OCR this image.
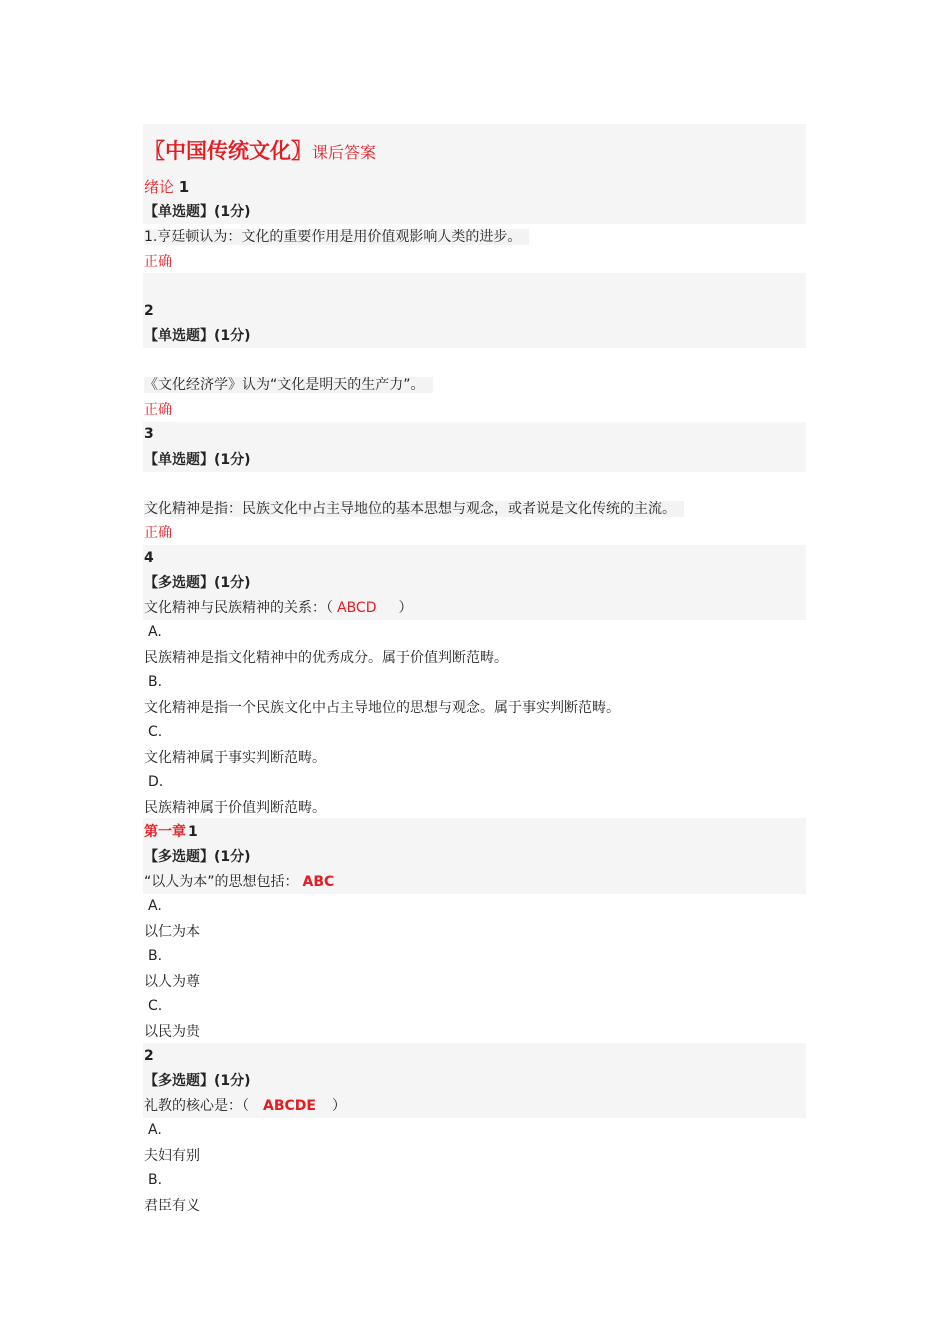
〖中国传统文化〗课后答案
绪论 1
【单选题】(1分)
1.亨廷顿认为：文化的重要作用是用价值观影响人类的进步。
正确
2
【单选题】(1分)
《文化经济学》认为“文化是明天的生产力”。
正确
3
【单选题】(1分)
文化精神是指：民族文化中占主导地位的基本思想与观念，或者说是文化传统的主流。
正确
4
【多选题】(1分)
文化精神与民族精神的关系：（ ABCD ）
A.
民族精神是指文化精神中的优秀成分。属于价值判断范畴。
B.
文化精神是指一个民族文化中占主导地位的思想与观念。属于事实判断范畴。
C.
文化精神属于事实判断范畴。
D.
民族精神属于价值判断范畴。
第一章 1
【多选题】(1分)
“以人为本”的思想包括： ABC
A.
以仁为本
B.
以人为尊
C.
以民为贵
2
【多选题】(1分)
礼教的核心是：（ ABCDE ）
A.
夫妇有别
B.
君臣有义
